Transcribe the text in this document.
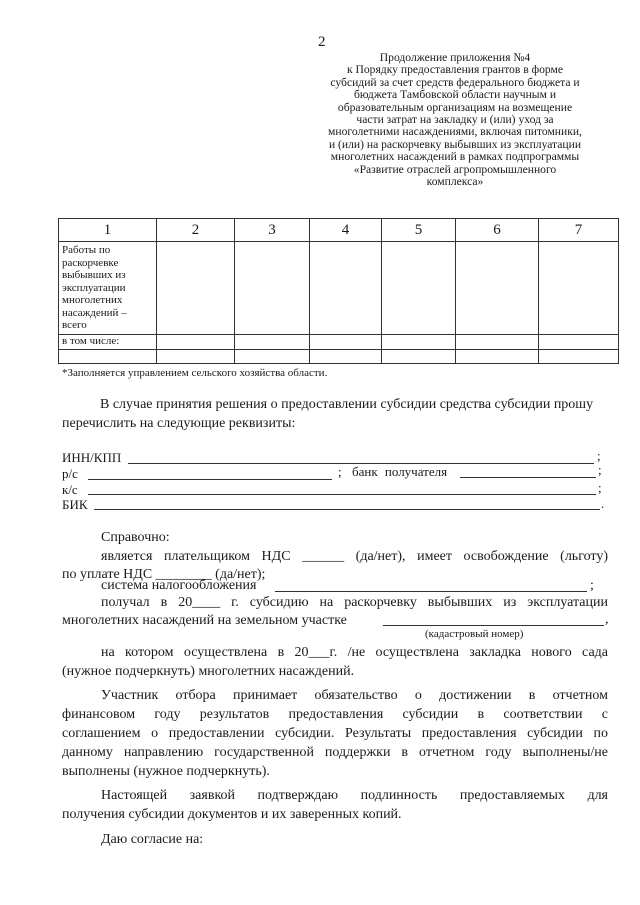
2
Продолжение приложения №4
к Порядку предоставления грантов в форме
субсидий за счет средств федерального бюджета и
бюджета Тамбовской области научным и
образовательным организациям на возмещение
части затрат на закладку и (или) уход за
многолетними насаждениями, включая питомники,
и (или) на раскорчевку выбывших из эксплуатации
многолетних насаждений в рамках подпрограммы
«Развитие отраслей агропромышленного
комплекса»
1	2	3	4	5	6	7
Работы по раскорчевке выбывших из эксплуатации многолетних насаждений – всего						
в том числе:						

*Заполняется управлением сельского хозяйства области.
В случае принятия решения о предоставлении субсидии средства субсидии прошу перечислить на следующие реквизиты:
ИНН/КПП	;
р/с	; банк получателя	;
к/с	;
БИК	.
Справочно:
является плательщиком НДС ______ (да/нет), имеет освобождение (льготу)
по уплате НДС ________ (да/нет);
система налогообложения	;
получал в 20____ г. субсидию на раскорчевку выбывших из эксплуатации
многолетних насаждений на земельном участке	,
(кадастровый номер)
на котором осуществлена в 20___г. /не осуществлена закладка нового сада
(нужное подчеркнуть) многолетних насаждений.
Участник отбора принимает обязательство о достижении в отчетном
финансовом году результатов предоставления субсидии в соответствии с
соглашением о предоставлении субсидии. Результаты предоставления субсидии по
данному направлению государственной поддержки в отчетном году выполнены/не
выполнены (нужное подчеркнуть).
Настоящей заявкой подтверждаю подлинность предоставляемых для
получения субсидии документов и их заверенных копий.
Даю согласие на:
